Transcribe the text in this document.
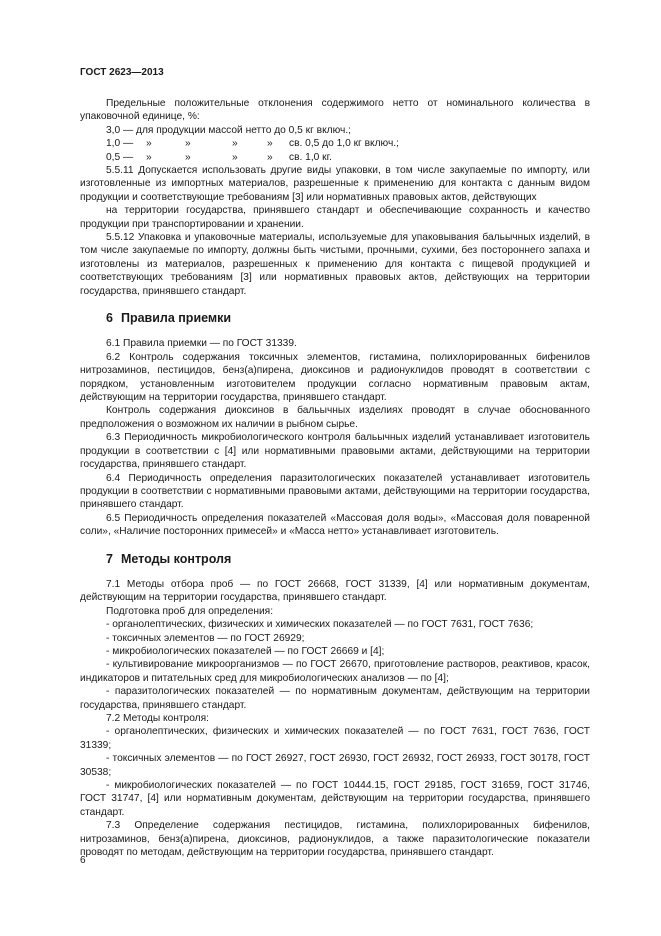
ГОСТ 2623—2013

Предельные положительные отклонения содержимого нетто от номинального количества в упаковочной единице, %:

3,0 — для продукции массой нетто до 0,5 кг включ.;
1,0 — »	»	»	» св. 0,5 до 1,0 кг включ.;
0,5 — »	»	»	» св. 1,0 кг.

5.5.11 Допускается использовать другие виды упаковки, в том числе закупаемые по импорту, или изготовленные из импортных материалов, разрешенные к применению для контакта с данным видом продукции и соответствующие требованиям [3] или нормативных правовых актов, действующих

на территории государства, принявшего стандарт и обеспечивающие сохранность и качество продукции при транспортировании и хранении.

5.5.12 Упаковка и упаковочные материалы, используемые для упаковывания бальычных изделий, в том числе закупаемые по импорту, должны быть чистыми, прочными, сухими, без постороннего запаха и изготовлены из материалов, разрешенных к применению для контакта с пищевой продукцией и соответствующих требованиям [3] или нормативных правовых актов, действующих на территории государства, принявшего стандарт.

6 Правила приемки

6.1 Правила приемки — по ГОСТ 31339.

6.2 Контроль содержания токсичных элементов, гистамина, полихлорированных бифенилов нитрозаминов, пестицидов, бенз(а)пирена, диоксинов и радионуклидов проводят в соответствии с порядком, установленным изготовителем продукции согласно нормативным правовым актам, действующим на территории государства, принявшего стандарт.

Контроль содержания диоксинов в бальычных изделиях проводят в случае обоснованного предположения о возможном их наличии в рыбном сырье.

6.3 Периодичность микробиологического контроля бальычных изделий устанавливает изготовитель продукции в соответствии с [4] или нормативными правовыми актами, действующими на территории государства, принявшего стандарт.

6.4 Периодичность определения паразитологических показателей устанавливает изготовитель продукции в соответствии с нормативными правовыми актами, действующими на территории государства, принявшего стандарт.

6.5 Периодичность определения показателей «Массовая доля воды», «Массовая доля поваренной соли», «Наличие посторонних примесей» и «Масса нетто» устанавливает изготовитель.

7 Методы контроля

7.1 Методы отбора проб — по ГОСТ 26668, ГОСТ 31339, [4] или нормативным документам, действующим на территории государства, принявшего стандарт.

Подготовка проб для определения:

- органолептических, физических и химических показателей — по ГОСТ 7631, ГОСТ 7636;

- токсичных элементов — по ГОСТ 26929;

- микробиологических показателей — по ГОСТ 26669 и [4];

- культивирование микроорганизмов — по ГОСТ 26670, приготовление растворов, реактивов, красок, индикаторов и питательных сред для микробиологических анализов — по [4];

- паразитологических показателей — по нормативным документам, действующим на территории государства, принявшего стандарт.

7.2 Методы контроля:

- органолептических, физических и химических показателей — по ГОСТ 7631, ГОСТ 7636, ГОСТ 31339;

- токсичных элементов — по ГОСТ 26927, ГОСТ 26930, ГОСТ 26932, ГОСТ 26933, ГОСТ 30178, ГОСТ 30538;

- микробиологических показателей — по ГОСТ 10444.15, ГОСТ 29185, ГОСТ 31659, ГОСТ 31746, ГОСТ 31747, [4] или нормативным документам, действующим на территории государства, принявшего стандарт.

7.3 Определение содержания пестицидов, гистамина, полихлорированных бифенилов, нитрозаминов, бенз(а)пирена, диоксинов, радионуклидов, а также паразитологические показатели проводят по методам, действующим на территории государства, принявшего стандарт.

6
